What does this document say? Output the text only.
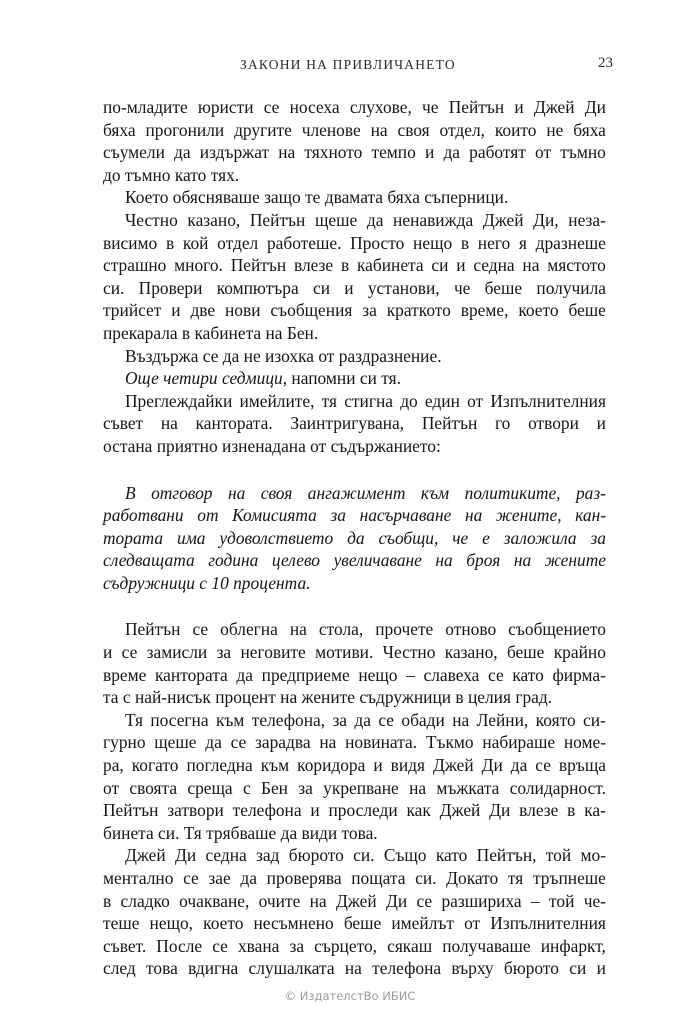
ЗАКОНИ НА ПРИВЛИЧАНЕТО	23
по-младите юристи се носеха слухове, че Пейтън и Джей Ди
бяха прогонили другите членове на своя отдел, които не бяха
съумели да издържат на тяхното темпо и да работят от тъмно
до тъмно като тях.
Което обясняваше защо те двамата бяха съперници.
Честно казано, Пейтън щеше да ненавижда Джей Ди, неза-
висимо в кой отдел работеше. Просто нещо в него я дразнеше
страшно много. Пейтън влезе в кабинета си и седна на мястото
си. Провери компютъра си и установи, че беше получила
трийсет и две нови съобщения за краткото време, което беше
прекарала в кабинета на Бен.
Въздържа се да не изохка от раздразнение.
Още четири седмици , напомни си тя.
Преглеждайки имейлите, тя стигна до един от Изпълнителния
съвет на кантората. Заинтригувана, Пейтън го отвори и
остана приятно изненадана от съдържанието:
В отговор на своя ангажимент към политиките, раз-
работвани от Комисията за насърчаване на жените, кан-
тората има удоволствието да съобщи, че е заложила за
следващата година целево увеличаване на броя на жените
съдружници с 10 процента.
Пейтън се облегна на стола, прочете отново съобщението
и се замисли за неговите мотиви. Честно казано, беше крайно
време кантората да предприеме нещо – славеха се като фирма-
та с най-нисък процент на жените съдружници в целия град.
Тя посегна към телефона, за да се обади на Лейни, която си-
гурно щеше да се зарадва на новината. Тъкмо набираше номе-
ра, когато погледна към коридора и видя Джей Ди да се връща
от своята среща с Бен за укрепване на мъжката солидарност.
Пейтън затвори телефона и проследи как Джей Ди влезе в ка-
бинета си. Тя трябваше да види това.
Джей Ди седна зад бюрото си. Също като Пейтън, той мо-
ментално се зае да проверява пощата си. Докато тя тръпнеше
в сладко очакване, очите на Джей Ди се разшириха – той че-
теше нещо, което несъмнено беше имейлът от Изпълнителния
съвет. После се хвана за сърцето, сякаш получаваше инфаркт,
след това вдигна слушалката на телефона върху бюрото си и
© ИздателстВо ИБИС
